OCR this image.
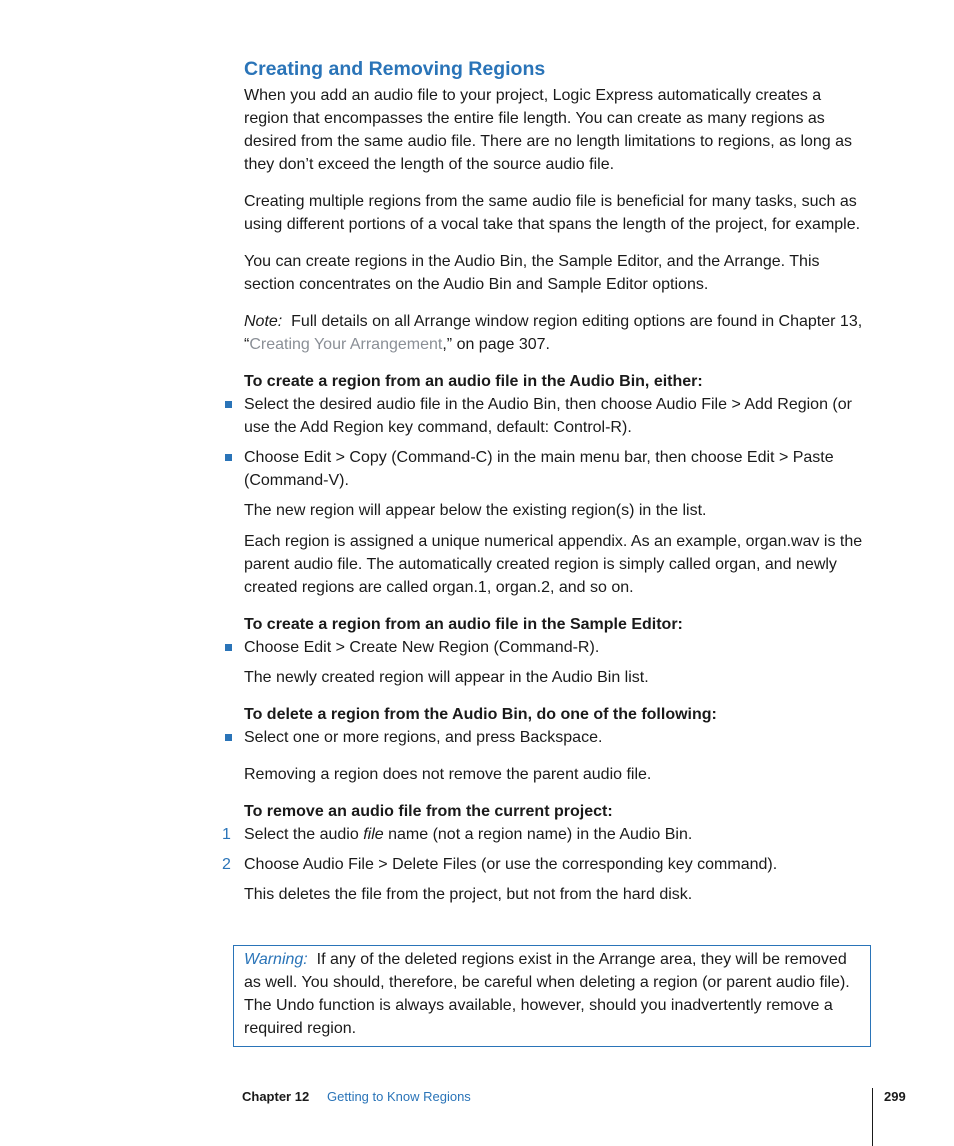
Creating and Removing Regions

When you add an audio file to your project, Logic Express automatically creates a region that encompasses the entire file length. You can create as many regions as desired from the same audio file. There are no length limitations to regions, as long as they don’t exceed the length of the source audio file.

Creating multiple regions from the same audio file is beneficial for many tasks, such as using different portions of a vocal take that spans the length of the project, for example.

You can create regions in the Audio Bin, the Sample Editor, and the Arrange. This section concentrates on the Audio Bin and Sample Editor options.

Note: Full details on all Arrange window region editing options are found in Chapter 13, “Creating Your Arrangement,” on page 307.

To create a region from an audio file in the Audio Bin, either:
Select the desired audio file in the Audio Bin, then choose Audio File > Add Region (or use the Add Region key command, default: Control-R).
Choose Edit > Copy (Command-C) in the main menu bar, then choose Edit > Paste (Command-V).

The new region will appear below the existing region(s) in the list.

Each region is assigned a unique numerical appendix. As an example, organ.wav is the parent audio file. The automatically created region is simply called organ, and newly created regions are called organ.1, organ.2, and so on.

To create a region from an audio file in the Sample Editor:
Choose Edit > Create New Region (Command-R).

The newly created region will appear in the Audio Bin list.

To delete a region from the Audio Bin, do one of the following:
Select one or more regions, and press Backspace.

Removing a region does not remove the parent audio file.

To remove an audio file from the current project:
1 Select the audio file name (not a region name) in the Audio Bin.
2 Choose Audio File > Delete Files (or use the corresponding key command).

This deletes the file from the project, but not from the hard disk.

Warning: If any of the deleted regions exist in the Arrange area, they will be removed as well. You should, therefore, be careful when deleting a region (or parent audio file). The Undo function is always available, however, should you inadvertently remove a required region.
Chapter 12 Getting to Know Regions	299
